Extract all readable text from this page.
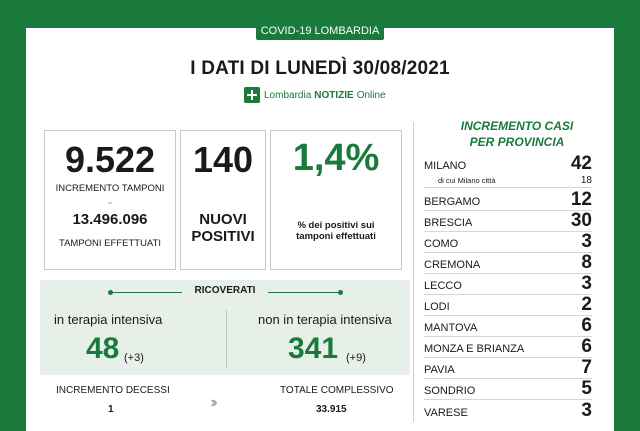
COVID-19 LOMBARDIA
I DATI DI LUNEDÌ 30/08/2021
Lombardia NOTIZIE Online
9.522
INCREMENTO TAMPONI
⌄
13.496.096
TAMPONI EFFETTUATI
140
NUOVI
POSITIVI
1,4%
% dei positivi sui
tamponi effettuati
RICOVERATI
in terapia intensiva
48 (+3)
non in terapia intensiva
341 (+9)
INCREMENTO DECESSI
1	›››
TOTALE COMPLESSIVO
33.915
INCREMENTO CASI
PER PROVINCIA
MILANO	42
di cui Milano città	18
BERGAMO	12
BRESCIA	30
COMO	3
CREMONA	8
LECCO	3
LODI	2
MANTOVA	6
MONZA E BRIANZA	6
PAVIA	7
SONDRIO	5
VARESE	3
